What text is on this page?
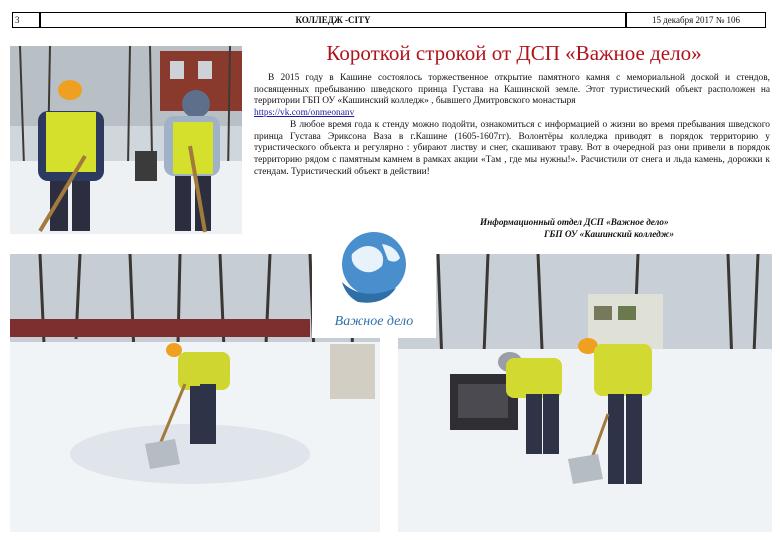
3	КОЛЛЕДЖ -CITY	15 декабря 2017 № 106
Короткой строкой от ДСП «Важное дело»

В 2015 году в Кашине состоялось торжественное открытие памятного камня с мемориальной доской и стендов, посвященных пребыванию шведского принца Густава на Кашинской земле. Этот туристический объект расположен на территории ГБП ОУ «Кашинский колледж» , бывшего Дмитровского монастыря
https://vk.com/onmeonanv

В любое время года к стенду можно подойти, ознакомиться с информацией о жизни во время пребывания шведского принца Густава Эриксона Ваза в г.Кашине (1605-1607гг). Волонтёры колледжа приводят в порядок территорию у туристического объекта и регулярно : убирают листву и снег, скашивают траву. Вот в очередной раз они привели в порядок территорию рядом с памятным камнем в рамках акции «Там , где мы нужны!». Расчистили от снега и льда камень, дорожки к стендам. Туристический объект в действии!

Информационный отдел ДСП «Важное дело»
ГБП ОУ «Кашинский колледж»
Важное дело
